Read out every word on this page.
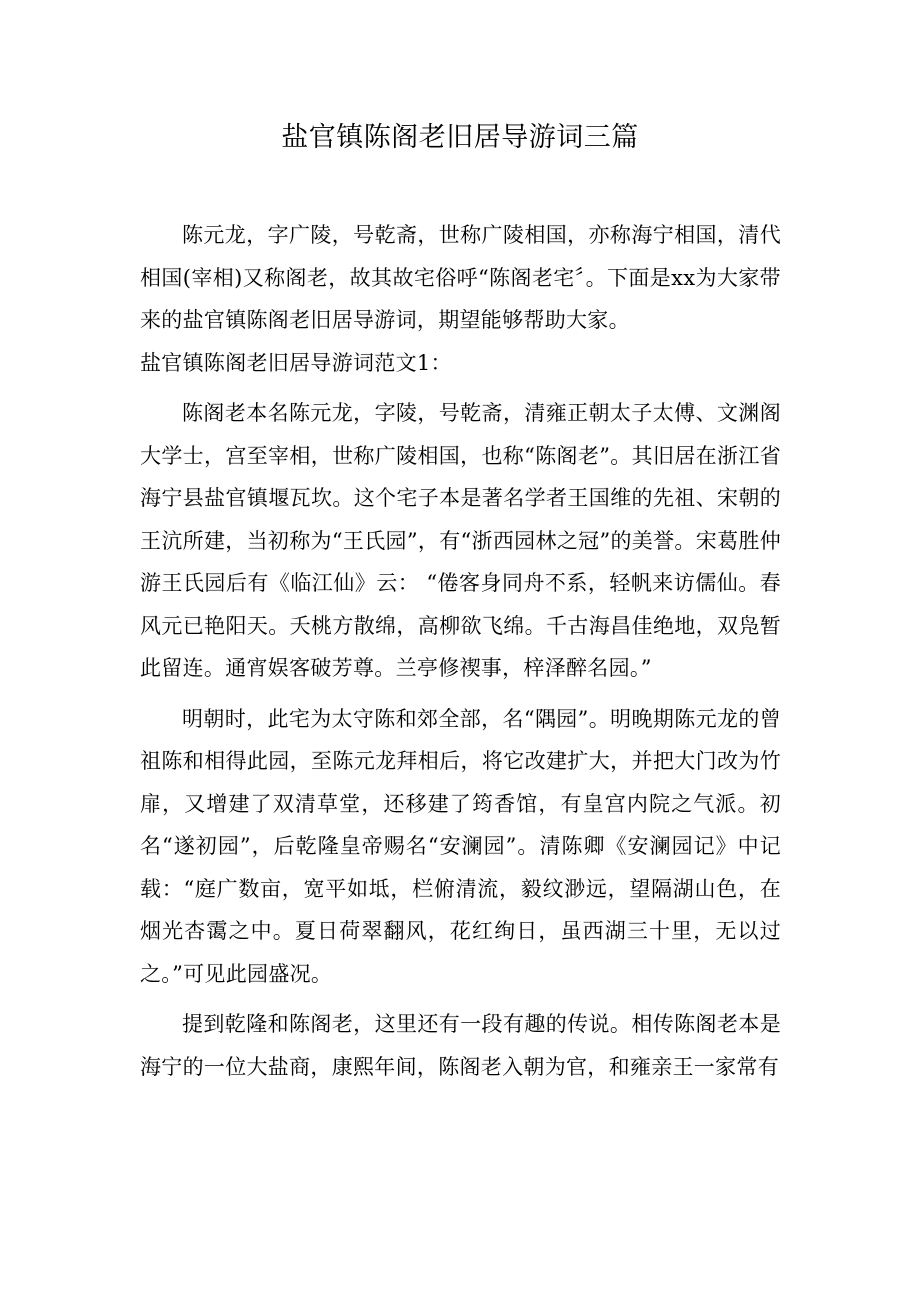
盐官镇陈阁老旧居导游词三篇

陈元龙，字广陵，号乾斋，世称广陵相国，亦称海宁相国，清代相国(宰相)又称阁老，故其故宅俗呼“陈阁老宅〞。下面是xx为大家带来的盐官镇陈阁老旧居导游词，期望能够帮助大家。

盐官镇陈阁老旧居导游词范文1：

陈阁老本名陈元龙，字陵，号乾斋，清雍正朝太子太傅、文渊阁大学士，宫至宰相，世称广陵相国，也称“陈阁老”。其旧居在浙江省海宁县盐官镇堰瓦坎。这个宅子本是著名学者王国维的先祖、宋朝的王沆所建，当初称为“王氏园”，有“浙西园林之冠”的美誉。宋葛胜仲游王氏园后有《临江仙》云： “倦客身同舟不系，轻帆来访儒仙。春风元已艳阳天。夭桃方散绵，高柳欲飞绵。千古海昌佳绝地，双凫暂此留连。通宵娱客破芳尊。兰亭修禊事，梓泽醉名园。”

明朝时，此宅为太守陈和郊全部，名“隅园”。明晚期陈元龙的曾祖陈和相得此园，至陈元龙拜相后，将它改建扩大，并把大门改为竹扉，又增建了双清草堂，还移建了筠香馆，有皇宫内院之气派。初名“遂初园”，后乾隆皇帝赐名“安澜园”。清陈卿《安澜园记》中记载：“庭广数亩，宽平如坻，栏俯清流，毅纹渺远，望隔湖山色，在烟光杏霭之中。夏日荷翠翻风，花红绚日，虽西湖三十里，无以过之。”可见此园盛况。

提到乾隆和陈阁老，这里还有一段有趣的传说。相传陈阁老本是海宁的一位大盐商，康熙年间，陈阁老入朝为官，和雍亲王一家常有
